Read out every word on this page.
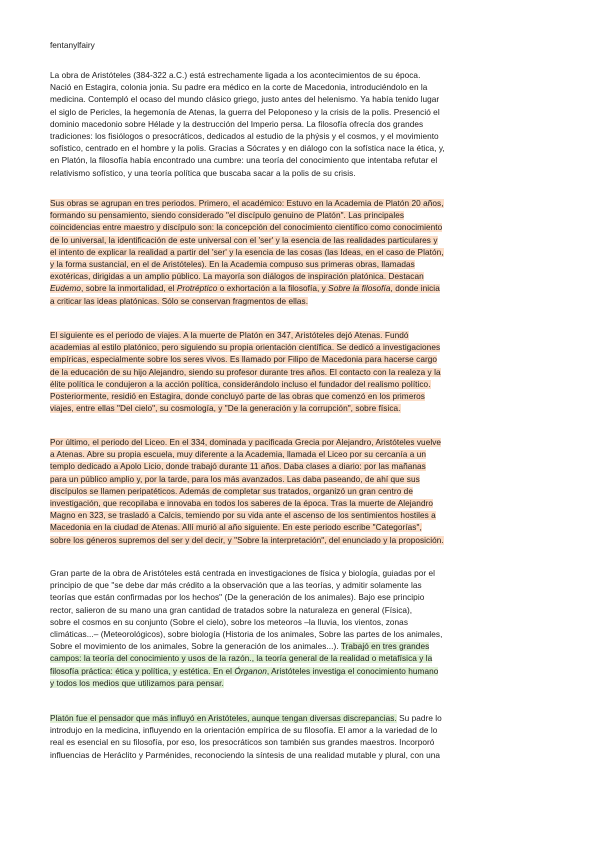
fentanylfairy
La obra de Aristóteles (384-322 a.C.) está estrechamente ligada a los acontecimientos de su época.
Nació en Estagira, colonia jonia. Su padre era médico en la corte de Macedonia, introduciéndolo en la
medicina. Contempló el ocaso del mundo clásico griego, justo antes del helenismo. Ya había tenido lugar
el siglo de Pericles, la hegemonía de Atenas, la guerra del Peloponeso y la crisis de la polis. Presenció el
dominio macedonio sobre Hélade y la destrucción del Imperio persa. La filosofía ofrecía dos grandes
tradiciones: los fisiólogos o presocráticos, dedicados al estudio de la phýsis y el cosmos, y el movimiento
sofístico, centrado en el hombre y la polis. Gracias a Sócrates y en diálogo con la sofística nace la ética, y,
en Platón, la filosofía había encontrado una cumbre: una teoría del conocimiento que intentaba refutar el
relativismo sofístico, y una teoría política que buscaba sacar a la polis de su crisis.
Sus obras se agrupan en tres periodos. Primero, el académico: Estuvo en la Academia de Platón 20 años,
formando su pensamiento, siendo considerado "el discípulo genuino de Platón". Las principales
coincidencias entre maestro y discípulo son: la concepción del conocimiento científico como conocimiento
de lo universal, la identificación de este universal con el 'ser' y la esencia de las realidades particulares y
el intento de explicar la realidad a partir del 'ser' y la esencia de las cosas (las Ideas, en el caso de Platón,
y la forma sustancial, en el de Aristóteles). En la Academia compuso sus primeras obras, llamadas
exotéricas, dirigidas a un amplio público. La mayoría son diálogos de inspiración platónica. Destacan
Eudemo, sobre la inmortalidad, el Protréptico o exhortación a la filosofía, y Sobre la filosofía, donde inicia
a criticar las ideas platónicas. Sólo se conservan fragmentos de ellas.
El siguiente es el periodo de viajes. A la muerte de Platón en 347, Aristóteles dejó Atenas. Fundó
academias al estilo platónico, pero siguiendo su propia orientación científica. Se dedicó a investigaciones
empíricas, especialmente sobre los seres vivos. Es llamado por Filipo de Macedonia para hacerse cargo
de la educación de su hijo Alejandro, siendo su profesor durante tres años. El contacto con la realeza y la
élite política le condujeron a la acción política, considerándolo incluso el fundador del realismo político.
Posteriormente, residió en Estagira, donde concluyó parte de las obras que comenzó en los primeros
viajes, entre ellas "Del cielo", su cosmología, y "De la generación y la corrupción", sobre física.
Por último, el periodo del Liceo. En el 334, dominada y pacificada Grecia por Alejandro, Aristóteles vuelve
a Atenas. Abre su propia escuela, muy diferente a la Academia, llamada el Liceo por su cercanía a un
templo dedicado a Apolo Licio, donde trabajó durante 11 años. Daba clases a diario: por las mañanas
para un público amplio y, por la tarde, para los más avanzados. Las daba paseando, de ahí que sus
discípulos se llamen peripatéticos. Además de completar sus tratados, organizó un gran centro de
investigación, que recopilaba e innovaba en todos los saberes de la época. Tras la muerte de Alejandro
Magno en 323, se trasladó a Calcis, temiendo por su vida ante el ascenso de los sentimientos hostiles a
Macedonia en la ciudad de Atenas. Allí murió al año siguiente. En este periodo escribe "Categorías",
sobre los géneros supremos del ser y del decir, y "Sobre la interpretación", del enunciado y la proposición.
Gran parte de la obra de Aristóteles está centrada en investigaciones de física y biología, guiadas por el
principio de que "se debe dar más crédito a la observación que a las teorías, y admitir solamente las
teorías que están confirmadas por los hechos" (De la generación de los animales). Bajo ese principio
rector, salieron de su mano una gran cantidad de tratados sobre la naturaleza en general (Física),
sobre el cosmos en su conjunto (Sobre el cielo), sobre los meteoros –la lluvia, los vientos, zonas
climáticas...– (Meteorológicos), sobre biología (Historia de los animales, Sobre las partes de los animales,
Sobre el movimiento de los animales, Sobre la generación de los animales...). Trabajó en tres grandes
campos: la teoría del conocimiento y usos de la razón., la teoría general de la realidad o metafísica y la
filosofía práctica: ética y política, y estética. En el Órganon, Aristóteles investiga el conocimiento humano
y todos los medios que utilizamos para pensar.
Platón fue el pensador que más influyó en Aristóteles, aunque tengan diversas discrepancias. Su padre lo
introdujo en la medicina, influyendo en la orientación empírica de su filosofía. El amor a la variedad de lo
real es esencial en su filosofía, por eso, los presocráticos son también sus grandes maestros. Incorporó
influencias de Heráclito y Parménides, reconociendo la síntesis de una realidad mutable y plural, con una
